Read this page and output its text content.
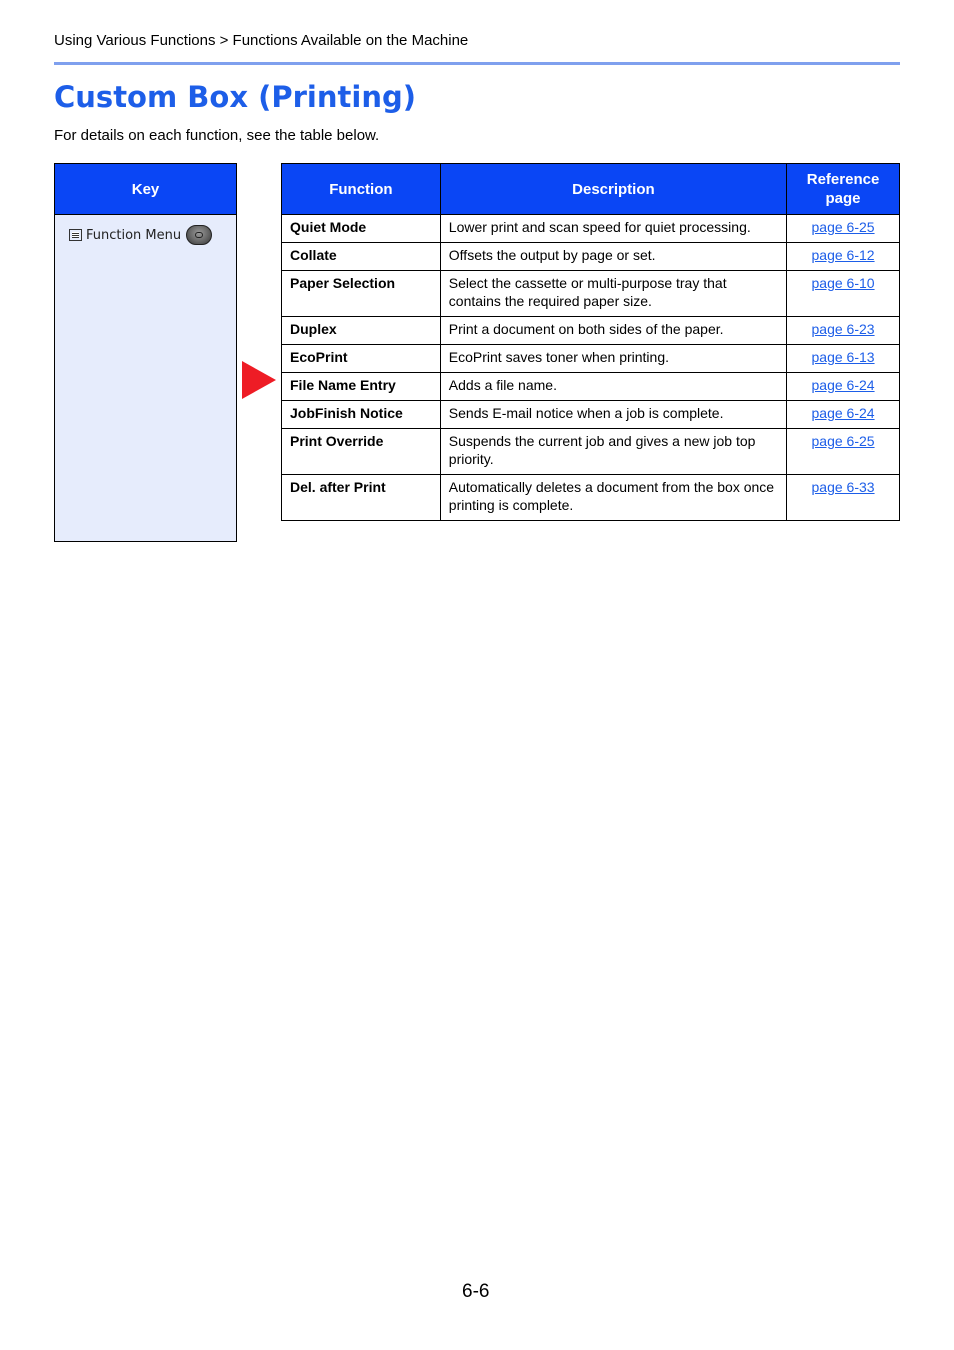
Using Various Functions > Functions Available on the Machine
Custom Box (Printing)
For details on each function, see the table below.
Key
Function Menu
Function	Description	Reference page
Quiet Mode	Lower print and scan speed for quiet processing.	page 6-25
Collate	Offsets the output by page or set.	page 6-12
Paper Selection	Select the cassette or multi-purpose tray that contains the required paper size.	page 6-10
Duplex	Print a document on both sides of the paper.	page 6-23
EcoPrint	EcoPrint saves toner when printing.	page 6-13
File Name Entry	Adds a file name.	page 6-24
JobFinish Notice	Sends E-mail notice when a job is complete.	page 6-24
Print Override	Suspends the current job and gives a new job top priority.	page 6-25
Del. after Print	Automatically deletes a document from the box once printing is complete.	page 6-33
6-6
